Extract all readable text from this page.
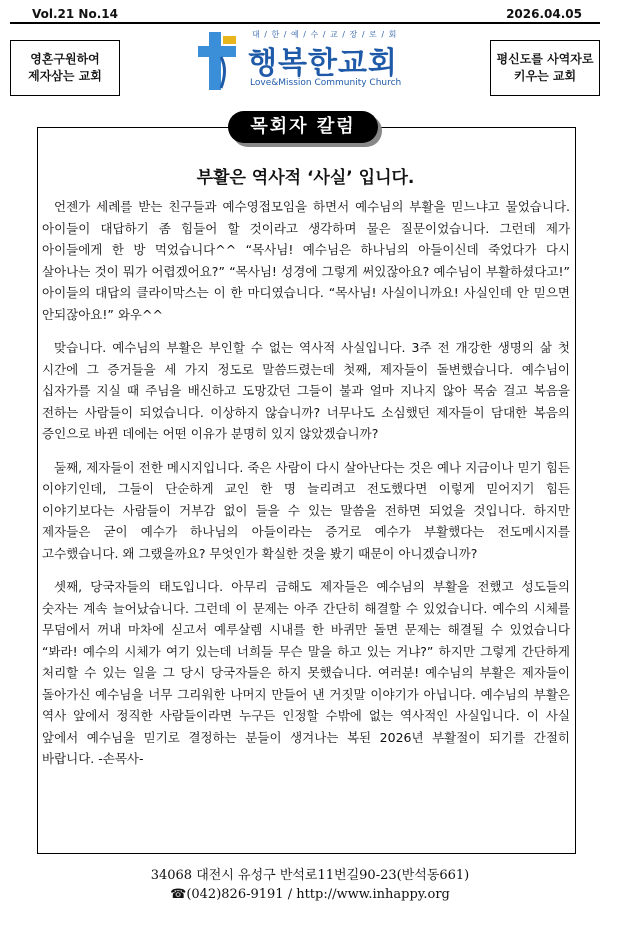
Vol.21 No.14	2026.04.05
영혼구원하여
제자삼는 교회
대 / 한 / 예 / 수 / 교 / 장 / 로 / 회
행복한교회
Love&Mission Community Church
평신도를 사역자로
키우는 교회
목회자 칼럼
부활은 역사적 ‘사실’ 입니다.

언젠가 세례를 받는 친구들과 예수영접모임을 하면서 예수님의 부활을 믿느냐고 물었습니다. 아이들이 대답하기 좀 힘들어 할 것이라고 생각하며 물은 질문이었습니다. 그런데 제가 아이들에게 한 방 먹었습니다^^ “목사님! 예수님은 하나님의 아들이신데 죽었다가 다시 살아나는 것이 뭐가 어렵겠어요?” “목사님! 성경에 그렇게 써있잖아요? 예수님이 부활하셨다고!” 아이들의 대답의 클라이막스는 이 한 마디였습니다. “목사님! 사실이니까요! 사실인데 안 믿으면 안되잖아요!” 와우^^

맞습니다. 예수님의 부활은 부인할 수 없는 역사적 사실입니다. 3주 전 개강한 생명의 삶 첫 시간에 그 증거들을 세 가지 정도로 말씀드렸는데 첫째, 제자들이 돌변했습니다. 예수님이 십자가를 지실 때 주님을 배신하고 도망갔던 그들이 불과 얼마 지나지 않아 목숨 걸고 복음을 전하는 사람들이 되었습니다. 이상하지 않습니까? 너무나도 소심했던 제자들이 담대한 복음의 증인으로 바뀐 데에는 어떤 이유가 분명히 있지 않았겠습니까?

둘째, 제자들이 전한 메시지입니다. 죽은 사람이 다시 살아난다는 것은 예나 지금이나 믿기 힘든 이야기인데, 그들이 단순하게 교인 한 명 늘리려고 전도했다면 이렇게 믿어지기 힘든 이야기보다는 사람들이 거부감 없이 들을 수 있는 말씀을 전하면 되었을 것입니다. 하지만 제자들은 굳이 예수가 하나님의 아들이라는 증거로 예수가 부활했다는 전도메시지를 고수했습니다. 왜 그랬을까요? 무엇인가 확실한 것을 봤기 때문이 아니겠습니까?

셋째, 당국자들의 태도입니다. 아무리 금해도 제자들은 예수님의 부활을 전했고 성도들의 숫자는 계속 늘어났습니다. 그런데 이 문제는 아주 간단히 해결할 수 있었습니다. 예수의 시체를 무덤에서 꺼내 마차에 싣고서 예루살렘 시내를 한 바퀴만 돌면 문제는 해결될 수 있었습니다 “봐라! 예수의 시체가 여기 있는데 너희들 무슨 말을 하고 있는 거냐?” 하지만 그렇게 간단하게 처리할 수 있는 일을 그 당시 당국자들은 하지 못했습니다. 여러분! 예수님의 부활은 제자들이 돌아가신 예수님을 너무 그리워한 나머지 만들어 낸 거짓말 이야기가 아닙니다. 예수님의 부활은 역사 앞에서 정직한 사람들이라면 누구든 인정할 수밖에 없는 역사적인 사실입니다. 이 사실 앞에서 예수님을 믿기로 결정하는 분들이 생겨나는 복된 2026년 부활절이 되기를 간절히 바랍니다. -손목사-

34068 대전시 유성구 반석로11번길90-23(반석동661)
☎(042)826-9191 / http://www.inhappy.org
